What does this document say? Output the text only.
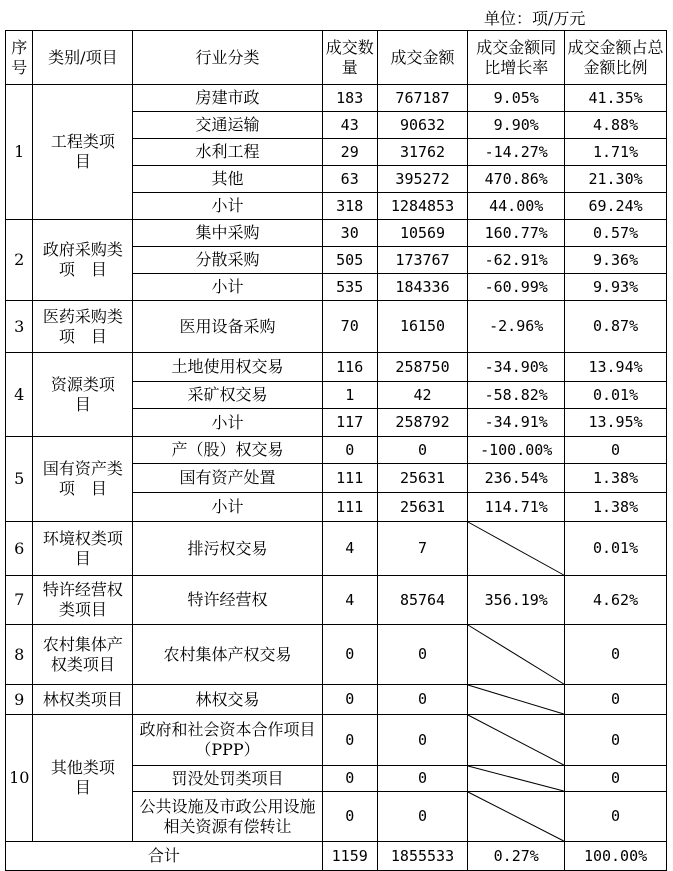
单位：项/万元
序号	类别/项目	行业分类	成交数量	成交金额	成交金额同比增长率	成交金额占总金额比例
1	工程类项　目	房建市政	183	767187	9.05%	41.35%
		交通运输	43	90632	9.90%	4.88%
		水利工程	29	31762	-14.27%	1.71%
		其他	63	395272	470.86%	21.30%
		小计	318	1284853	44.00%	69.24%
2	政府采购类项　目	集中采购	30	10569	160.77%	0.57%
		分散采购	505	173767	-62.91%	9.36%
		小计	535	184336	-60.99%	9.93%
3	医药采购类项　目	医用设备采购	70	16150	-2.96%	0.87%
4	资源类项　目	土地使用权交易	116	258750	-34.90%	13.94%
		采矿权交易	1	42	-58.82%	0.01%
		小计	117	258792	-34.91%	13.95%
5	国有资产类项　目	产（股）权交易	0	0	-100.00%	0
		国有资产处置	111	25631	236.54%	1.38%
		小计	111	25631	114.71%	1.38%
6	环境权类项　目	排污权交易	4	7		0.01%
7	特许经营权类项目	特许经营权	4	85764	356.19%	4.62%
8	农村集体产权类项目	农村集体产权交易	0	0		0
9	林权类项目	林权交易	0	0		0
10	其他类项　目	政府和社会资本合作项目（PPP）	0	0		0
		罚没处罚类项目	0	0		0
		公共设施及市政公用设施相关资源有偿转让	0	0		0
合计			1159	1855533	0.27%	100.00%
